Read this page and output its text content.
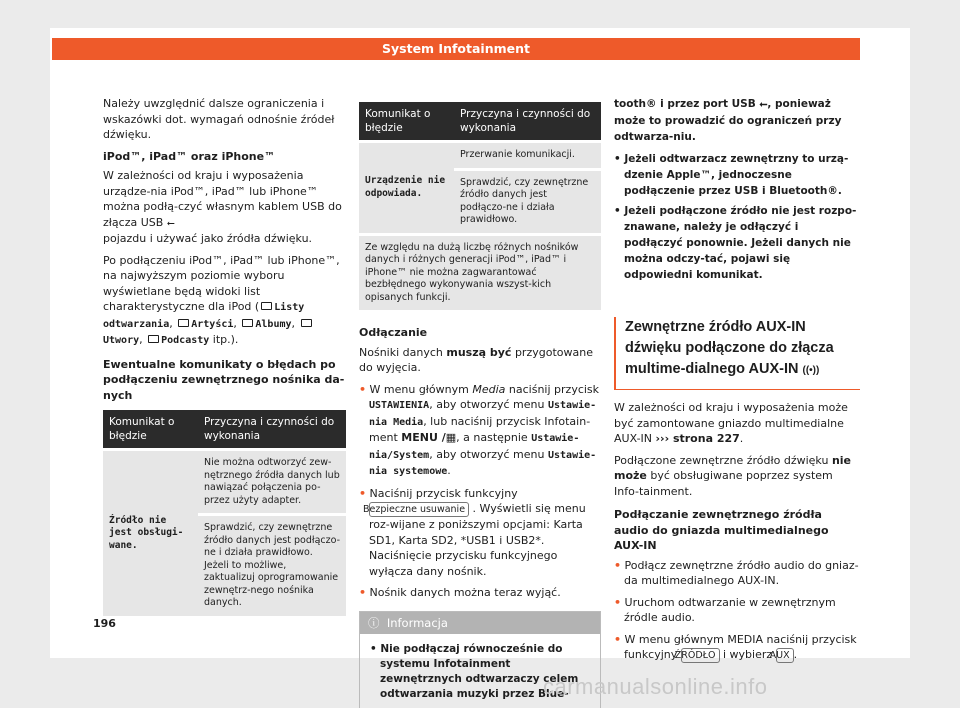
System Infotainment

Należy uwzględnić dalsze ograniczenia i wskazówki dot. wymagań odnośnie źródeł dźwięku.

iPod™, iPad™ oraz iPhone™

W zależności od kraju i wyposażenia urządze-nia iPod™, iPad™ lub iPhone™ można podłą-czyć własnym kablem USB do złącza USB ⭠
pojazdu i używać jako źródła dźwięku.

Po podłączeniu iPod™, iPad™ lub iPhone™, na najwyższym poziomie wyboru wyświetlane będą widoki list charakterystyczne dla iPod ( Listy odtwarzania, Artyści, Albumy, Utwory, Podcasty itp.).

Ewentualne komunikaty o błędach po podłączeniu zewnętrznego nośnika da-nych

Komunikat o błędzie	Przyczyna i czynności do wykonania
Źródło nie jest obsługi-wane.	Nie można odtworzyć zew-nętrznego źródła danych lub nawiązać połączenia po-przez użyty adapter.
	Sprawdzić, czy zewnętrzne źródło danych jest podłączo-ne i działa prawidłowo. Jeżeli to możliwe, zaktualizuj oprogramowanie zewnętrz-nego nośnika danych.
Komunikat o błędzie	Przyczyna i czynności do wykonania
Urządzenie nie odpowiada.	Przerwanie komunikacji.
	Sprawdzić, czy zewnętrzne źródło danych jest podłączo-ne i działa prawidłowo.
Ze względu na dużą liczbę różnych nośników danych i różnych generacji iPod™, iPad™ i iPhone™ nie można zagwarantować bezbłędnego wykonywania wszyst-kich opisanych funkcji.	

Odłączanie

Nośniki danych muszą być przygotowane do wyjęcia.

• W menu głównym Media naciśnij przycisk USTAWIENIA, aby otworzyć menu Ustawie-nia Media, lub naciśnij przycisk Infotain-ment MENU /▦, a następnie Ustawie-nia/System, aby otworzyć menu Ustawie-nia systemowe.

• Naciśnij przycisk funkcyjny Bezpieczne usuwanie . Wyświetli się menu roz-wijane z poniższymi opcjami: Karta SD1, Karta SD2, *USB1 i USB2*. Naciśnięcie przycisku funkcyjnego wyłącza dany nośnik.

• Nośnik danych można teraz wyjąć.

ⓘ Informacja

• Nie podłączaj równocześnie do systemu Infotainment zewnętrznych odtwarzaczy celem odtwarzania muzyki przez Blue-

tooth® i przez port USB ⭠, ponieważ może to prowadzić do ograniczeń przy odtwarza-niu.

• Jeżeli odtwarzacz zewnętrzny to urzą-dzenie Apple™, jednoczesne podłączenie przez USB i Bluetooth®.

• Jeżeli podłączone źródło nie jest rozpo-znawane, należy je odłączyć i podłączyć ponownie. Jeżeli danych nie można odczy-tać, pojawi się odpowiedni komunikat.

Zewnętrzne źródło AUX-IN dźwięku podłączone do złącza multime-dialnego AUX-IN ((•))

W zależności od kraju i wyposażenia może być zamontowane gniazdo multimedialne AUX-IN ››› strona 227.

Podłączone zewnętrzne źródło dźwięku nie może być obsługiwane poprzez system Info-tainment.

Podłączanie zewnętrznego źródła audio do gniazda multimedialnego AUX-IN

• Podłącz zewnętrzne źródło audio do gniaz-da multimedialnego AUX-IN.

• Uruchom odtwarzanie w zewnętrznym źródle audio.

• W menu głównym MEDIA naciśnij przycisk funkcyjny ŹRÓDŁO i wybierz AUX .

196
carmanualsonline.info
